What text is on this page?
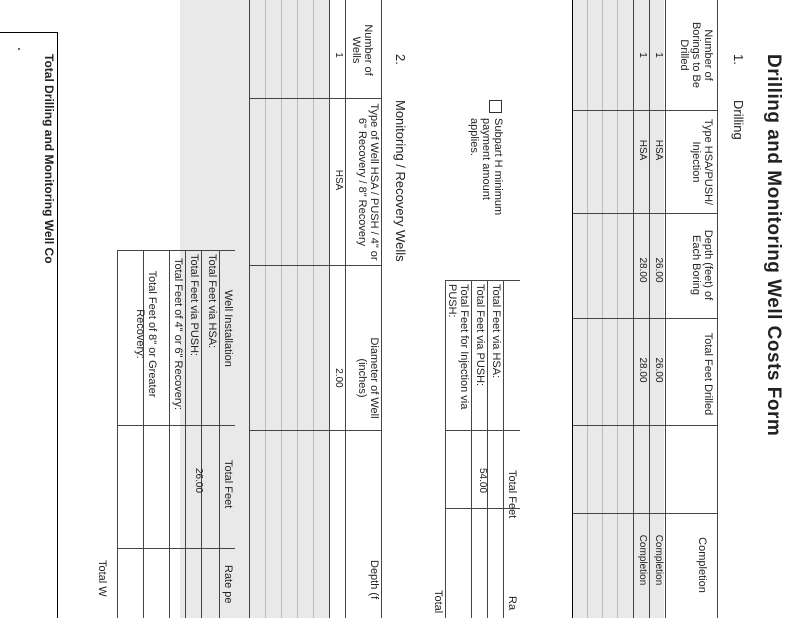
Drilling and Monitoring Well Costs Form
1.
Drilling
Number of Borings to Be Drilled
Type HSA/PUSH/ Injection
Depth (feet) of Each Boring
Total Feet Drilled
Completion
1
HSA
26.00
26.00
Completion
1
HSA
28.00
28.00
Completion
Subpart H minimum payment amount applies.
Total Feet
Ra
Total Feet via HSA:
54.00
Total Feet via PUSH:
Total Feet for Injection via PUSH:
Total
2.
Monitoring / Recovery Wells
Number of Wells
Type of Well HSA / PUSH / 4" or 6" Recovery / 8" Recovery
Diameter of Well (inches)
Depth (f
1
HSA
2.00
Well Installation
Total Feet
Rate pe
Total Feet via HSA:
26.00
Total Feet via PUSH:
Total Feet of 4" or 6" Recovery:
Total Feet of 8" or Greater Recovery:
Total W
Total Drilling and Monitoring Well Co
